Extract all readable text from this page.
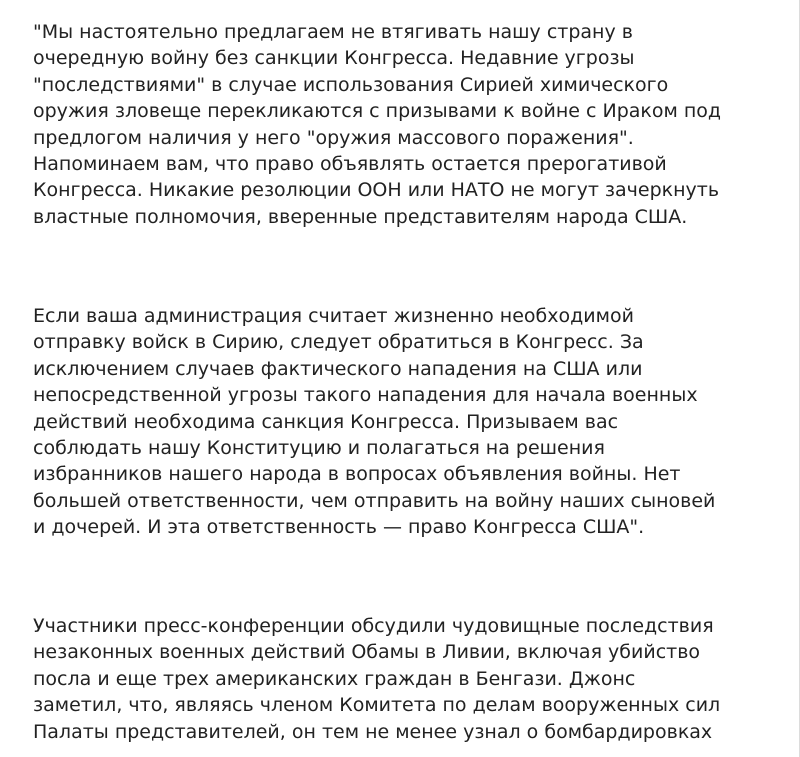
"Мы настоятельно предлагаем не втягивать нашу страну в
очередную войну без санкции Конгресса. Недавние угрозы
"последствиями" в случае использования Сирией химического
оружия зловеще перекликаются с призывами к войне с Ираком под
предлогом наличия у него "оружия массового поражения".
Напоминаем вам, что право объявлять остается прерогативой
Конгресса. Никакие резолюции ООН или НАТО не могут зачеркнуть
властные полномочия, вверенные представителям народа США.

Если ваша администрация считает жизненно необходимой
отправку войск в Сирию, следует обратиться в Конгресс. За
исключением случаев фактического нападения на США или
непосредственной угрозы такого нападения для начала военных
действий необходима санкция Конгресса. Призываем вас
соблюдать нашу Конституцию и полагаться на решения
избранников нашего народа в вопросах объявления войны. Нет
большей ответственности, чем отправить на войну наших сыновей
и дочерей. И эта ответственность — право Конгресса США".

Участники пресс-конференции обсудили чудовищные последствия
незаконных военных действий Обамы в Ливии, включая убийство
посла и еще трех американских граждан в Бенгази. Джонс
заметил, что, являясь членом Комитета по делам вооруженных сил
Палаты представителей, он тем не менее узнал о бомбардировках
